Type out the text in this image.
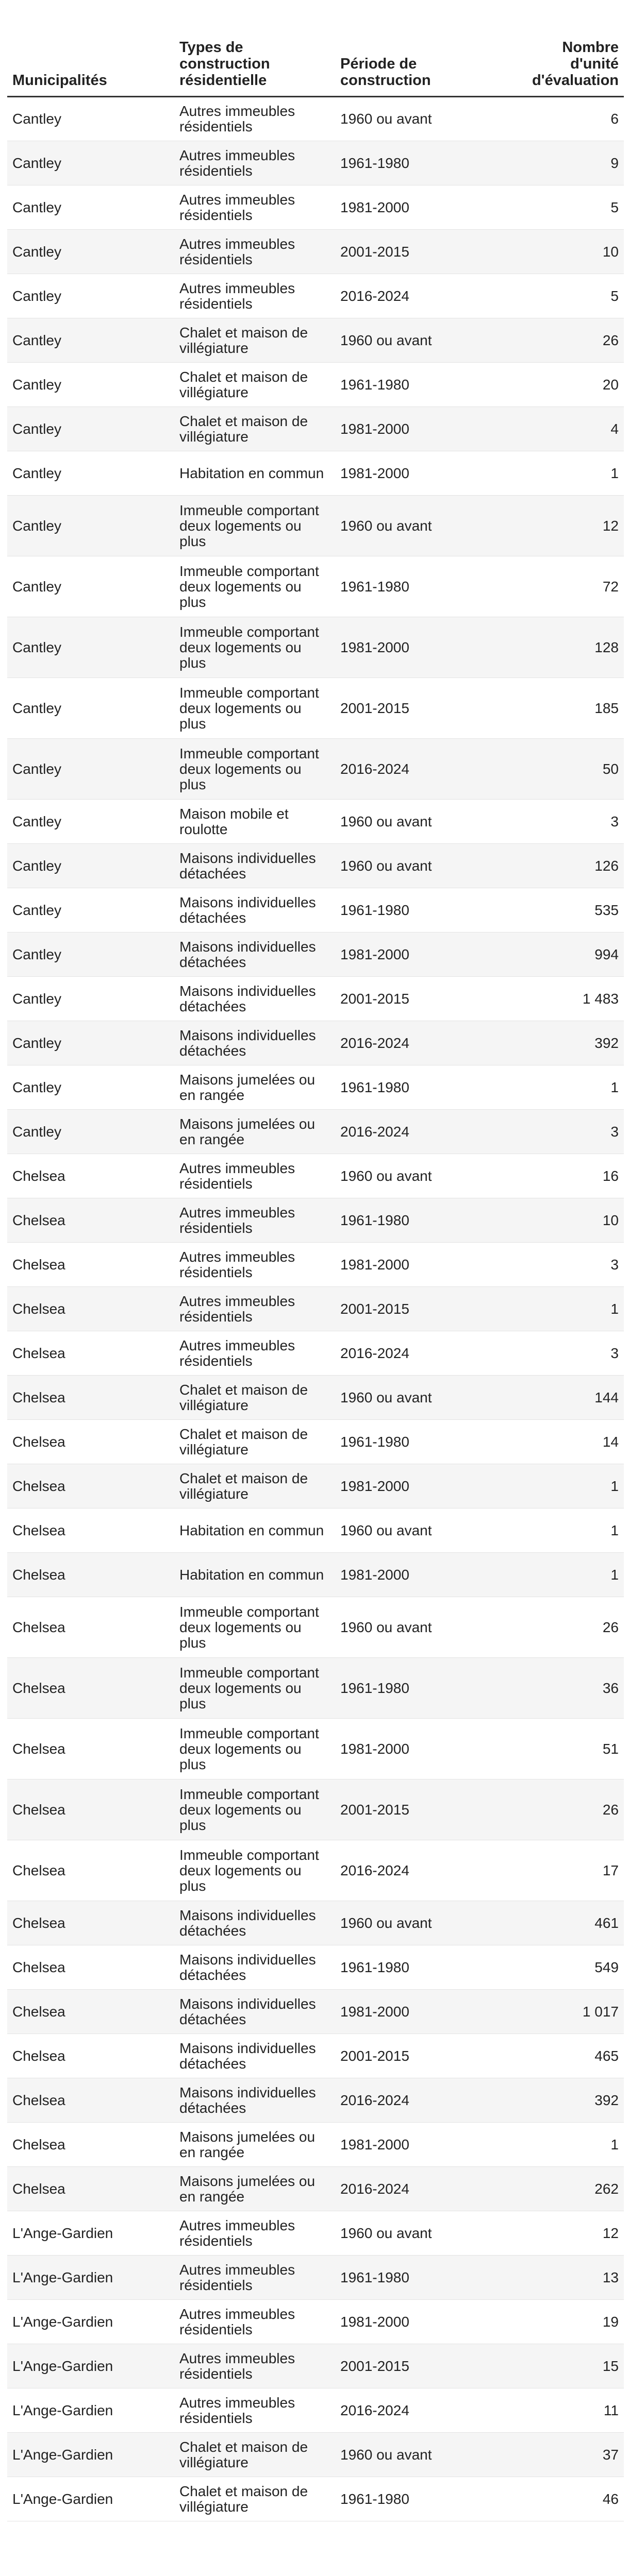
Municipalités	Types de construction résidentielle	Période de construction	Nombre d'unité d'évaluation
Cantley	Autres immeubles résidentiels	1960 ou avant	6
Cantley	Autres immeubles résidentiels	1961-1980	9
Cantley	Autres immeubles résidentiels	1981-2000	5
Cantley	Autres immeubles résidentiels	2001-2015	10
Cantley	Autres immeubles résidentiels	2016-2024	5
Cantley	Chalet et maison de villégiature	1960 ou avant	26
Cantley	Chalet et maison de villégiature	1961-1980	20
Cantley	Chalet et maison de villégiature	1981-2000	4
Cantley	Habitation en commun	1981-2000	1
Cantley	Immeuble comportant deux logements ou plus	1960 ou avant	12
Cantley	Immeuble comportant deux logements ou plus	1961-1980	72
Cantley	Immeuble comportant deux logements ou plus	1981-2000	128
Cantley	Immeuble comportant deux logements ou plus	2001-2015	185
Cantley	Immeuble comportant deux logements ou plus	2016-2024	50
Cantley	Maison mobile et roulotte	1960 ou avant	3
Cantley	Maisons individuelles détachées	1960 ou avant	126
Cantley	Maisons individuelles détachées	1961-1980	535
Cantley	Maisons individuelles détachées	1981-2000	994
Cantley	Maisons individuelles détachées	2001-2015	1 483
Cantley	Maisons individuelles détachées	2016-2024	392
Cantley	Maisons jumelées ou en rangée	1961-1980	1
Cantley	Maisons jumelées ou en rangée	2016-2024	3
Chelsea	Autres immeubles résidentiels	1960 ou avant	16
Chelsea	Autres immeubles résidentiels	1961-1980	10
Chelsea	Autres immeubles résidentiels	1981-2000	3
Chelsea	Autres immeubles résidentiels	2001-2015	1
Chelsea	Autres immeubles résidentiels	2016-2024	3
Chelsea	Chalet et maison de villégiature	1960 ou avant	144
Chelsea	Chalet et maison de villégiature	1961-1980	14
Chelsea	Chalet et maison de villégiature	1981-2000	1
Chelsea	Habitation en commun	1960 ou avant	1
Chelsea	Habitation en commun	1981-2000	1
Chelsea	Immeuble comportant deux logements ou plus	1960 ou avant	26
Chelsea	Immeuble comportant deux logements ou plus	1961-1980	36
Chelsea	Immeuble comportant deux logements ou plus	1981-2000	51
Chelsea	Immeuble comportant deux logements ou plus	2001-2015	26
Chelsea	Immeuble comportant deux logements ou plus	2016-2024	17
Chelsea	Maisons individuelles détachées	1960 ou avant	461
Chelsea	Maisons individuelles détachées	1961-1980	549
Chelsea	Maisons individuelles détachées	1981-2000	1 017
Chelsea	Maisons individuelles détachées	2001-2015	465
Chelsea	Maisons individuelles détachées	2016-2024	392
Chelsea	Maisons jumelées ou en rangée	1981-2000	1
Chelsea	Maisons jumelées ou en rangée	2016-2024	262
L'Ange-Gardien	Autres immeubles résidentiels	1960 ou avant	12
L'Ange-Gardien	Autres immeubles résidentiels	1961-1980	13
L'Ange-Gardien	Autres immeubles résidentiels	1981-2000	19
L'Ange-Gardien	Autres immeubles résidentiels	2001-2015	15
L'Ange-Gardien	Autres immeubles résidentiels	2016-2024	11
L'Ange-Gardien	Chalet et maison de villégiature	1960 ou avant	37
L'Ange-Gardien	Chalet et maison de villégiature	1961-1980	46
